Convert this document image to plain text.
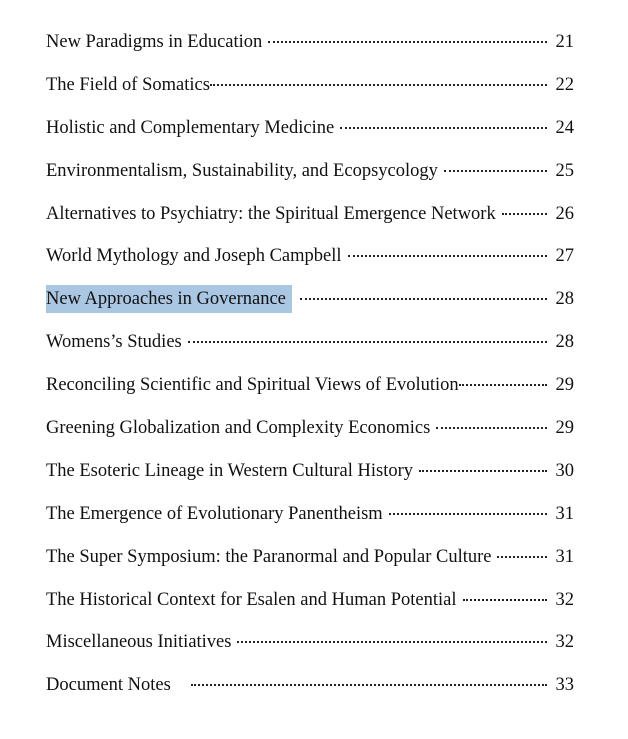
New Paradigms in Education	21
The Field of Somatics	22
Holistic and Complementary Medicine	24
Environmentalism, Sustainability, and Ecopsycology	25
Alternatives to Psychiatry: the Spiritual Emergence Network	26
World Mythology and Joseph Campbell	27
New Approaches in Governance	28
Womens’s Studies	28
Reconciling Scientific and Spiritual Views of Evolution	29
Greening Globalization and Complexity Economics	29
The Esoteric Lineage in Western Cultural History	30
The Emergence of Evolutionary Panentheism	31
The Super Symposium: the Paranormal and Popular Culture	31
The Historical Context for Esalen and Human Potential	32
Miscellaneous Initiatives	32
Document Notes	33
